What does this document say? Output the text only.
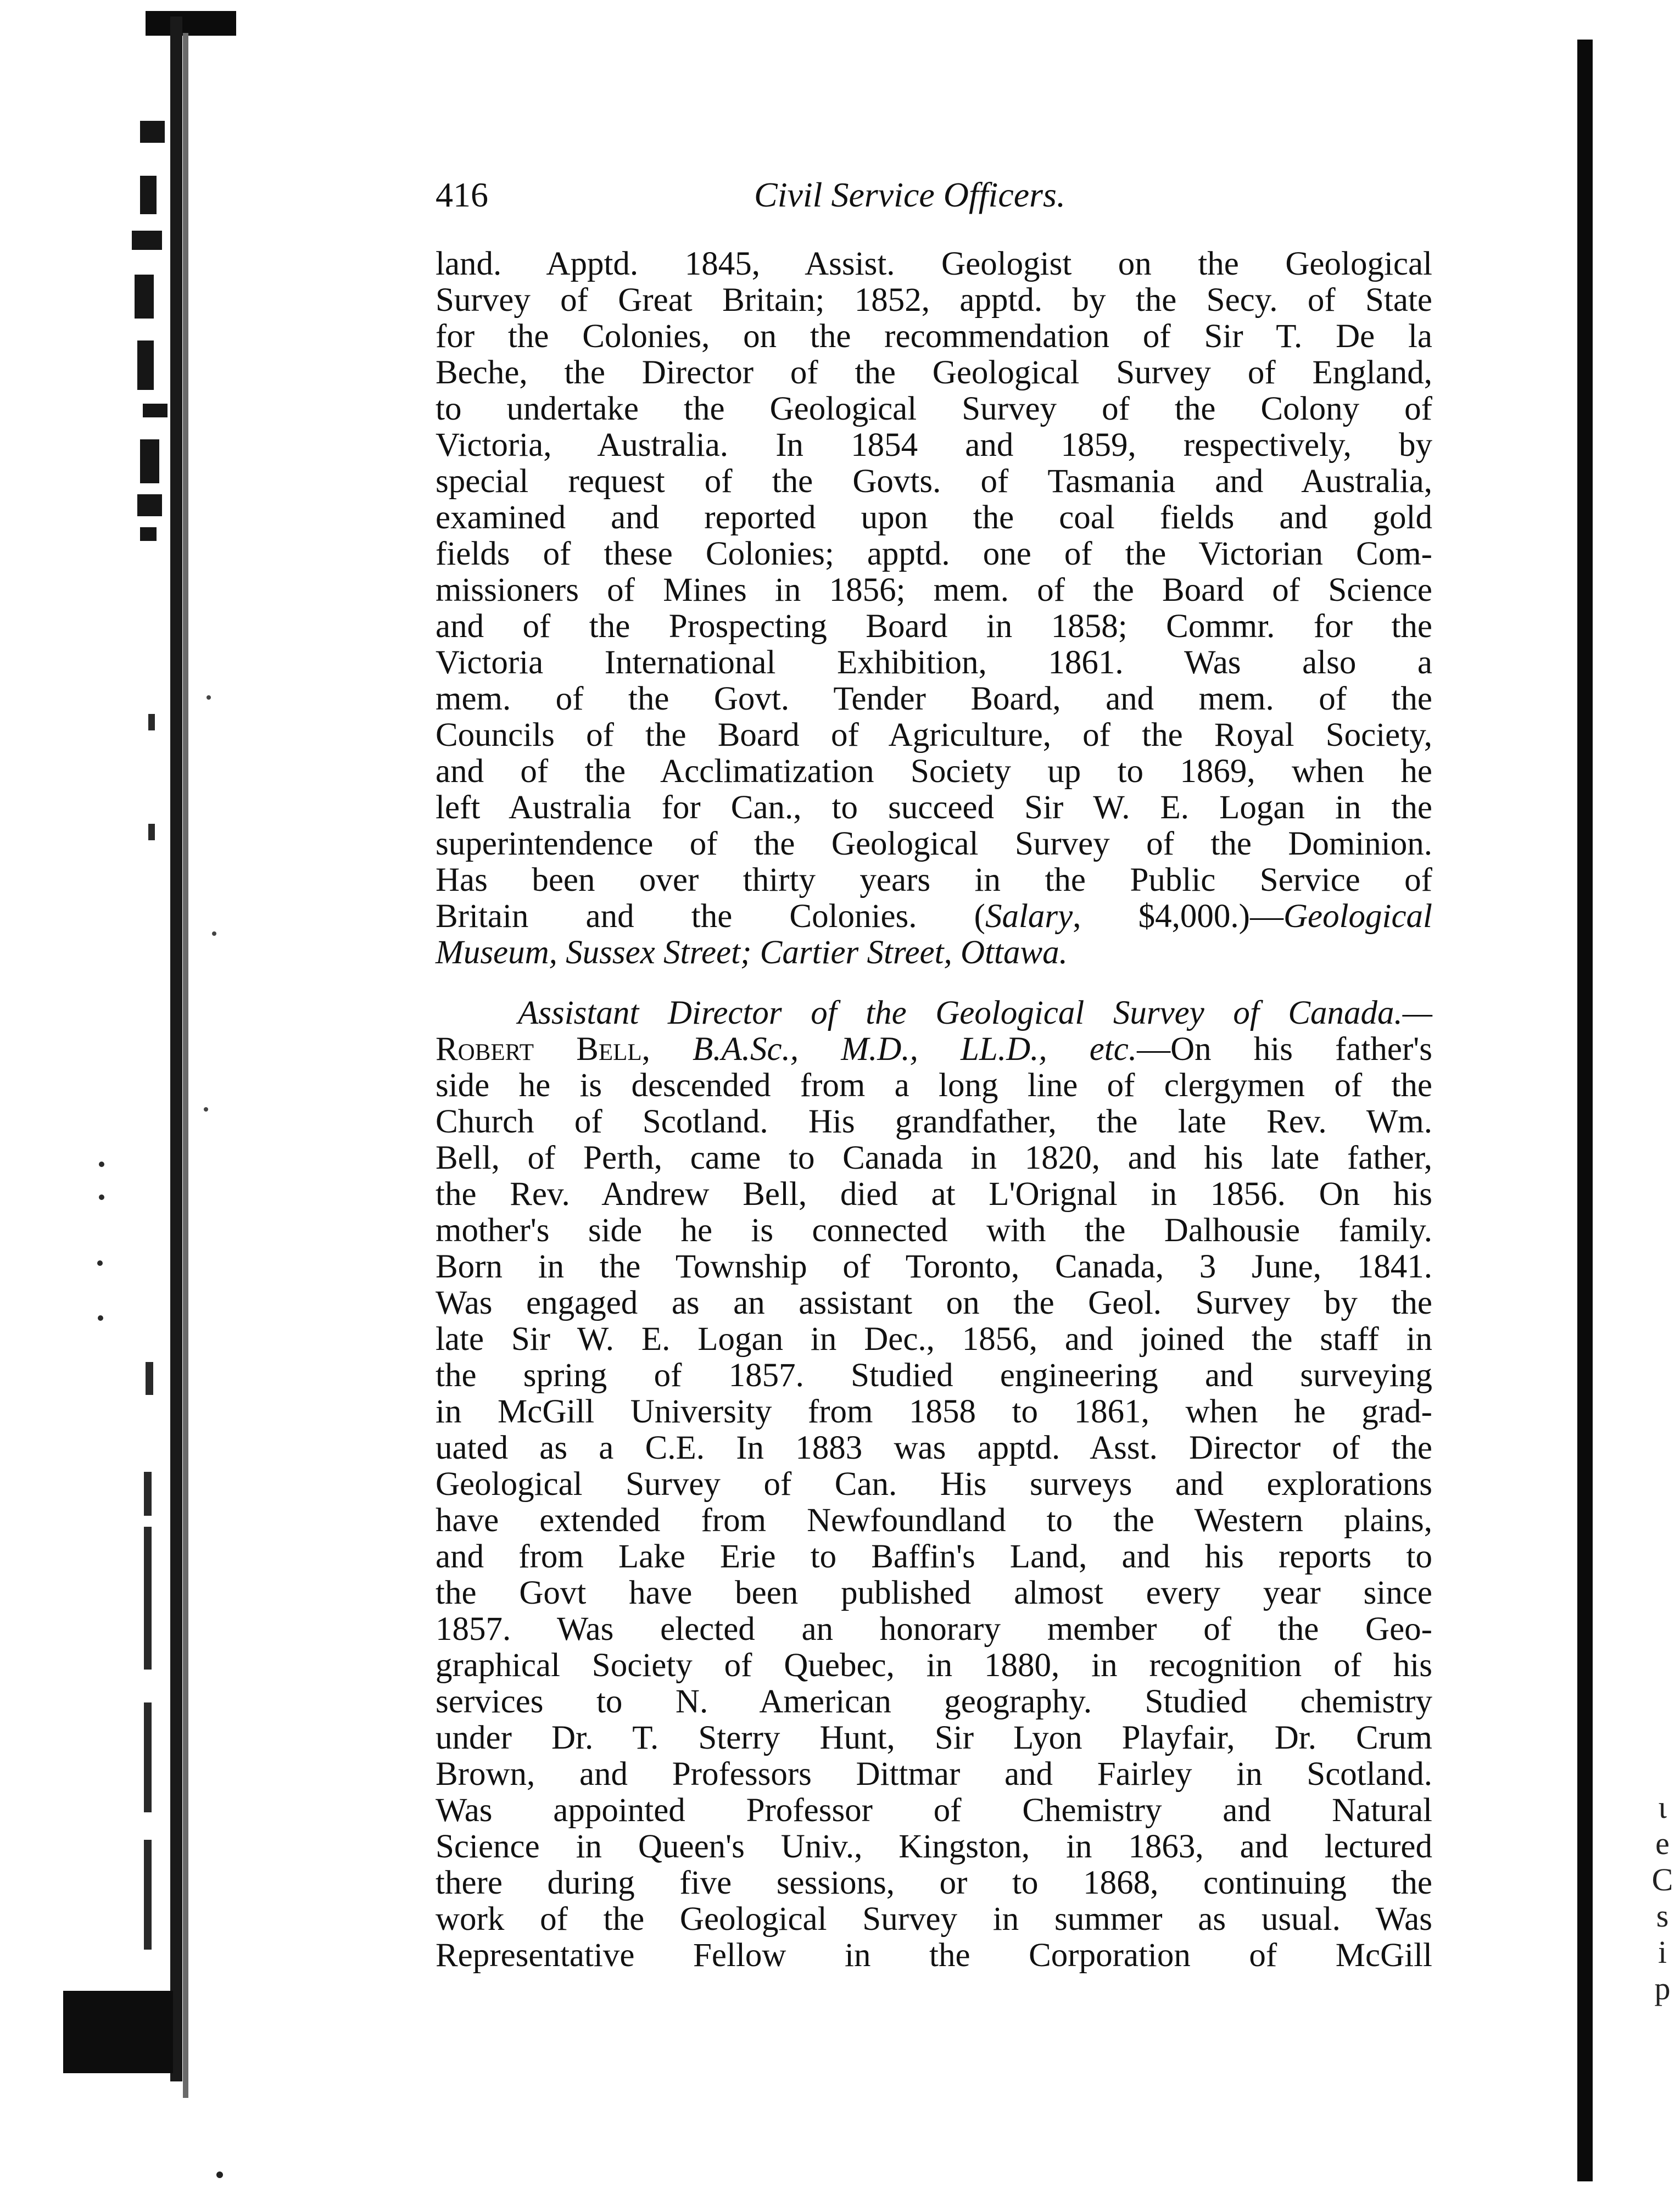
416	Civil Service Officers.
land. Apptd. 1845, Assist. Geologist on the Geological
Survey of Great Britain; 1852, apptd. by the Secy. of State
for the Colonies, on the recommendation of Sir T. De la
Beche, the Director of the Geological Survey of England,
to undertake the Geological Survey of the Colony of
Victoria, Australia. In 1854 and 1859, respectively, by
special request of the Govts. of Tasmania and Australia,
examined and reported upon the coal fields and gold
fields of these Colonies; apptd. one of the Victorian Com-
missioners of Mines in 1856; mem. of the Board of Science
and of the Prospecting Board in 1858; Commr. for the
Victoria International Exhibition, 1861. Was also a
mem. of the Govt. Tender Board, and mem. of the
Councils of the Board of Agriculture, of the Royal Society,
and of the Acclimatization Society up to 1869, when he
left Australia for Can., to succeed Sir W. E. Logan in the
superintendence of the Geological Survey of the Dominion.
Has been over thirty years in the Public Service of
Britain and the Colonies. (Salary, $4,000.)—Geological
Museum, Sussex Street; Cartier Street, Ottawa.
Assistant Director of the Geological Survey of Canada.—
Robert Bell, B.A.Sc., M.D., LL.D., etc.—On his father's
side he is descended from a long line of clergymen of the
Church of Scotland. His grandfather, the late Rev. Wm.
Bell, of Perth, came to Canada in 1820, and his late father,
the Rev. Andrew Bell, died at L'Orignal in 1856. On his
mother's side he is connected with the Dalhousie family.
Born in the Township of Toronto, Canada, 3 June, 1841.
Was engaged as an assistant on the Geol. Survey by the
late Sir W. E. Logan in Dec., 1856, and joined the staff in
the spring of 1857. Studied engineering and surveying
in McGill University from 1858 to 1861, when he grad-
uated as a C.E. In 1883 was apptd. Asst. Director of the
Geological Survey of Can. His surveys and explorations
have extended from Newfoundland to the Western plains,
and from Lake Erie to Baffin's Land, and his reports to
the Govt have been published almost every year since
1857. Was elected an honorary member of the Geo-
graphical Society of Quebec, in 1880, in recognition of his
services to N. American geography. Studied chemistry
under Dr. T. Sterry Hunt, Sir Lyon Playfair, Dr. Crum
Brown, and Professors Dittmar and Fairley in Scotland.
Was appointed Professor of Chemistry and Natural
Science in Queen's Univ., Kingston, in 1863, and lectured
there during five sessions, or to 1868, continuing the
work of the Geological Survey in summer as usual. Was
Representative Fellow in the Corporation of McGill
ι
e
C
s
i
p
